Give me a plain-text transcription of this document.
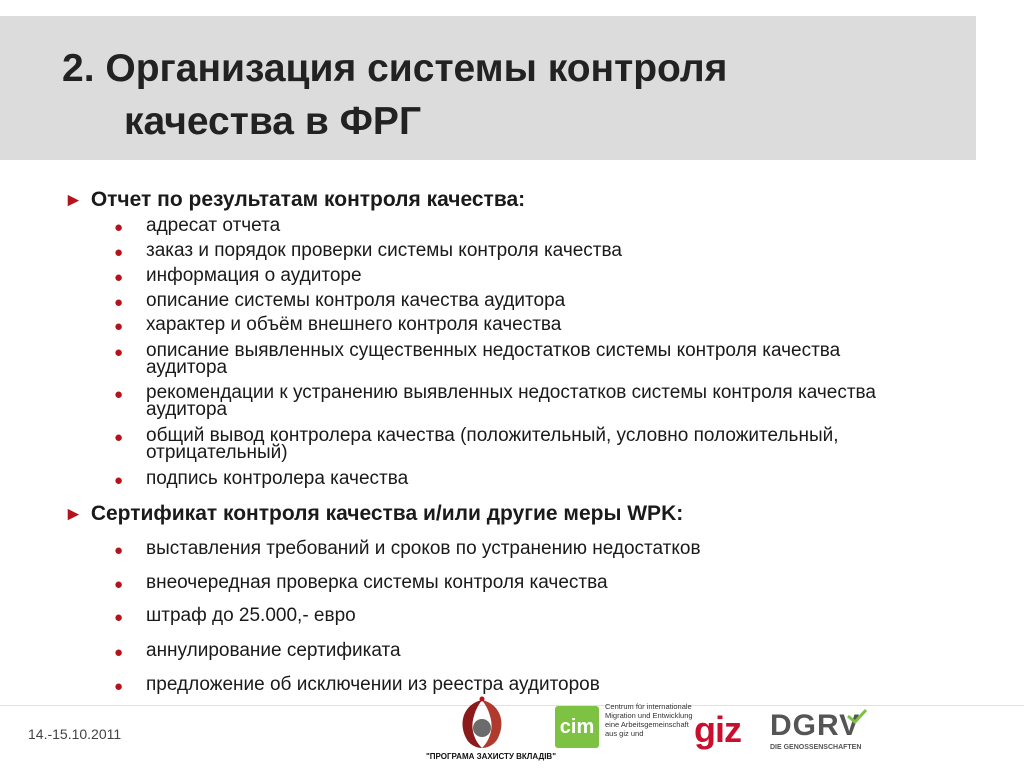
2. Организация системы контроля
качества в ФРГ
► Отчет по результатам контроля качества:
● адресат отчета
● заказ и порядок проверки системы контроля качества
● информация о аудиторе
● описание системы контроля качества аудитора
● характер и объём внешнего контроля качества
● описание выявленных существенных недостатков системы контроля качества аудитора
● рекомендации к устранению выявленных недостатков системы контроля качества аудитора
● общий вывод контролера качества (положительный, условно положительный, отрицательный)
● подпись контролера качества
► Сертификат контроля качества и/или другие меры WPK:
● выставления требований и сроков по устранению недостатков
● внеочередная проверка системы контроля качества
● штраф до 25.000,- евро
● аннулирование сертификата
● предложение об исключении из реестра аудиторов
14.-15.10.2011
"ПРОГРАМА ЗАХИСТУ ВКЛАДІВ"
cim
Centrum für internationale Migration und Entwicklung eine Arbeitsgemeinschaft aus giz und	giz DGRV
DIE GENOSSENSCHAFTEN
